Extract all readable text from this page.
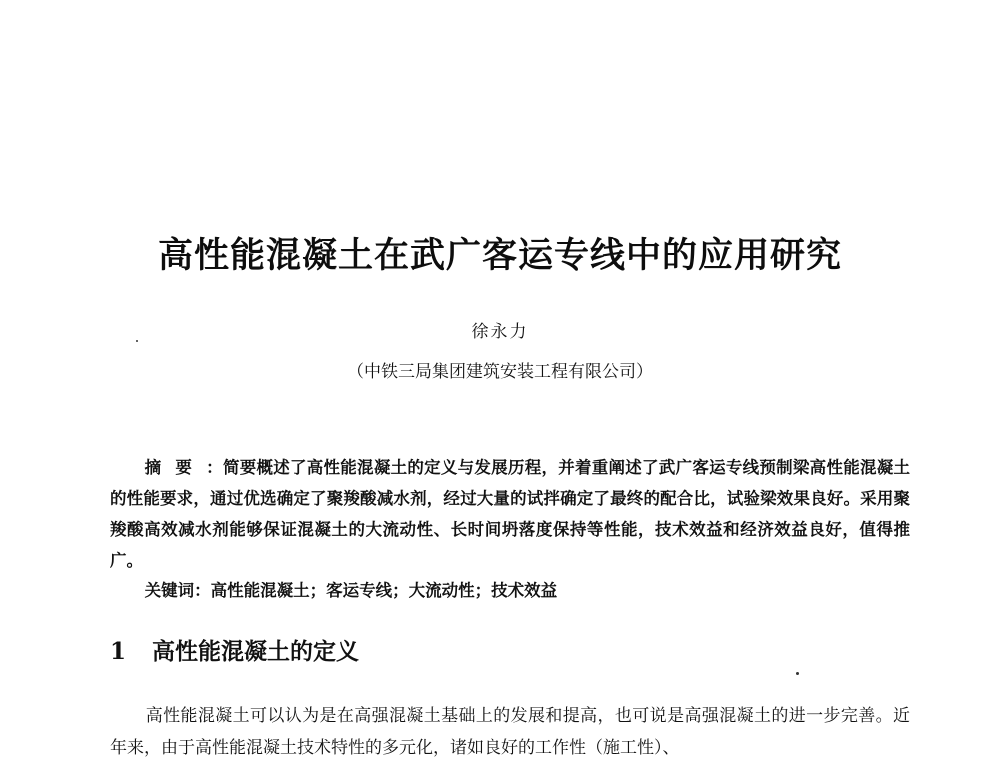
高性能混凝土在武广客运专线中的应用研究
徐永力
（中铁三局集团建筑安装工程有限公司）
摘要：简要概述了高性能混凝土的定义与发展历程，并着重阐述了武广客运专线预制梁高性能混凝土的性能要求，通过优选确定了聚羧酸减水剂，经过大量的试拌确定了最终的配合比，试验梁效果良好。采用聚羧酸高效减水剂能够保证混凝土的大流动性、长时间坍落度保持等性能，技术效益和经济效益良好，值得推广。
关键词：高性能混凝土；客运专线；大流动性；技术效益
1 高性能混凝土的定义
高性能混凝土可以认为是在高强混凝土基础上的发展和提高，也可说是高强混凝土的进一步完善。近年来，由于高性能混凝土技术特性的多元化，诸如良好的工作性（施工性）、
